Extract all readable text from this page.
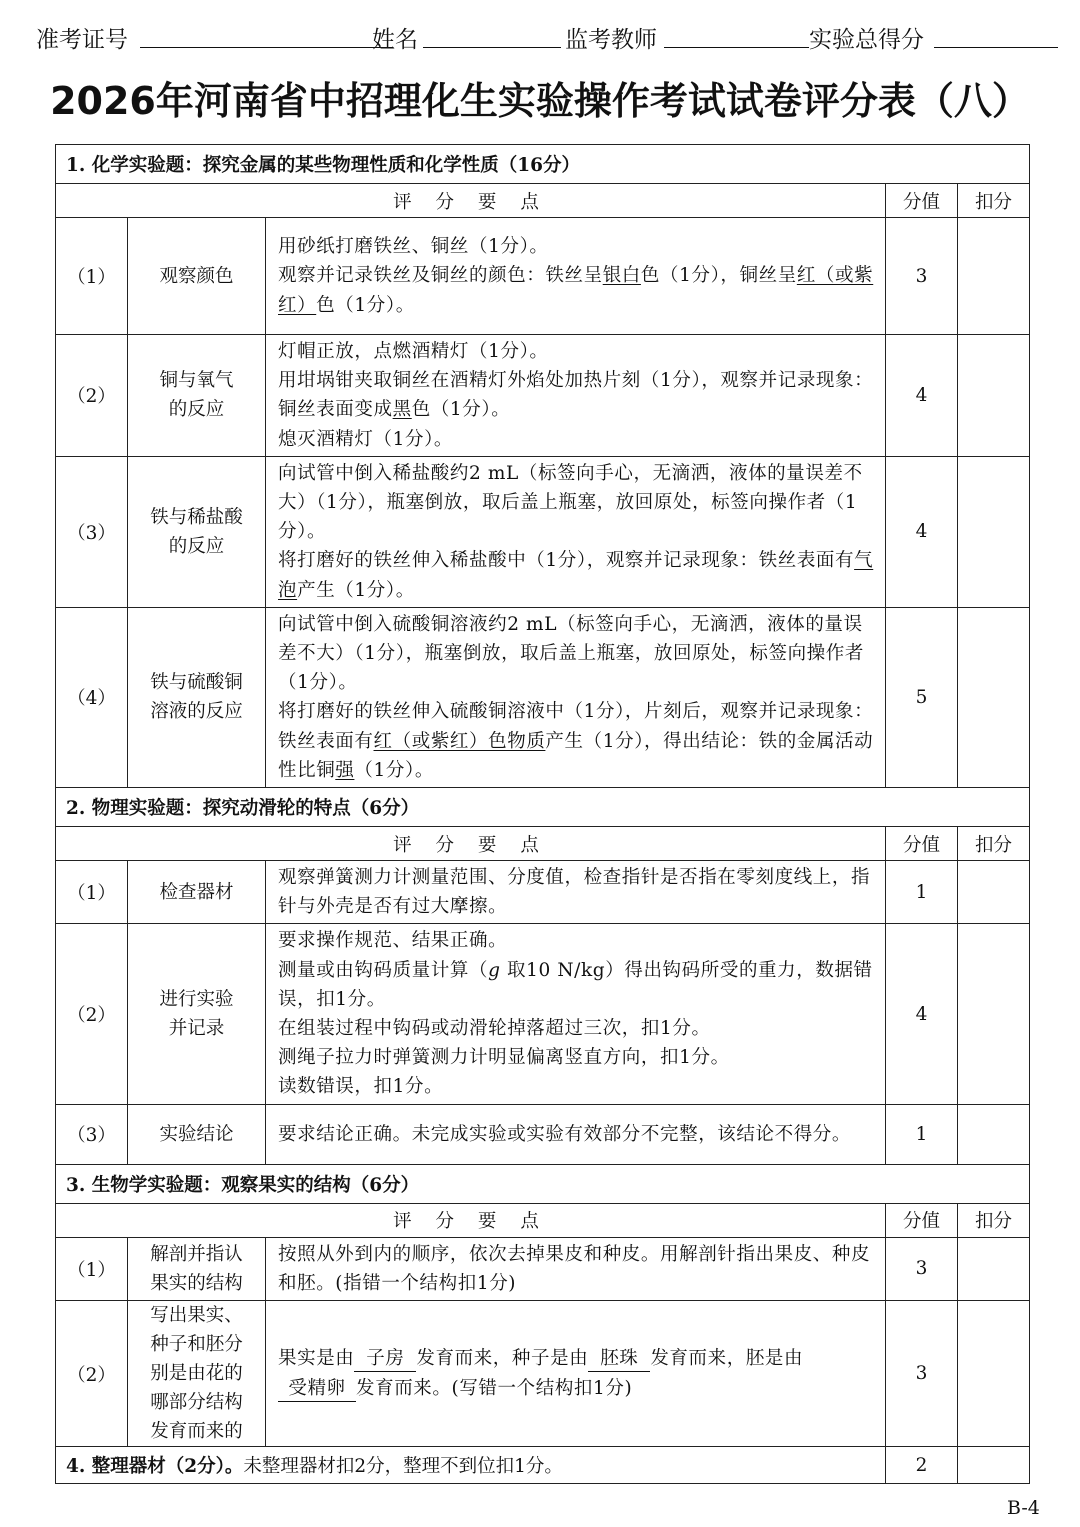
准考证号	姓名	监考教师	实验总得分
2026年河南省中招理化生实验操作考试试卷评分表（八）
1. 化学实验题：探究金属的某些物理性质和化学性质（16分）				
评 分 要 点			分值	扣分
（1）	观察颜色	用砂纸打磨铁丝、铜丝（1分）。
观察并记录铁丝及铜丝的颜色：铁丝呈银白色（1分），铜丝呈红（或紫红）色（1分）。	3	
（2）	铜与氧气
的反应	灯帽正放，点燃酒精灯（1分）。
用坩埚钳夹取铜丝在酒精灯外焰处加热片刻（1分），观察并记录现象：铜丝表面变成黑色（1分）。
熄灭酒精灯（1分）。	4	
（3）	铁与稀盐酸
的反应	向试管中倒入稀盐酸约2 mL（标签向手心，无滴洒，液体的量误差不大）（1分），瓶塞倒放，取后盖上瓶塞，放回原处，标签向操作者（1分）。
将打磨好的铁丝伸入稀盐酸中（1分），观察并记录现象：铁丝表面有气泡产生（1分）。	4	
（4）	铁与硫酸铜
溶液的反应	向试管中倒入硫酸铜溶液约2 mL（标签向手心，无滴洒，液体的量误差不大）（1分），瓶塞倒放，取后盖上瓶塞，放回原处，标签向操作者（1分）。
将打磨好的铁丝伸入硫酸铜溶液中（1分），片刻后，观察并记录现象：铁丝表面有红（或紫红）色物质产生（1分），得出结论：铁的金属活动性比铜强（1分）。	5	
2. 物理实验题：探究动滑轮的特点（6分）				
评 分 要 点			分值	扣分
（1）	检查器材	观察弹簧测力计测量范围、分度值，检查指针是否指在零刻度线上，指针与外壳是否有过大摩擦。	1	
（2）	进行实验
并记录	要求操作规范、结果正确。
测量或由钩码质量计算（g 取10 N/kg）得出钩码所受的重力，数据错误，扣1分。
在组装过程中钩码或动滑轮掉落超过三次，扣1分。
测绳子拉力时弹簧测力计明显偏离竖直方向，扣1分。
读数错误，扣1分。	4	
（3）	实验结论	要求结论正确。未完成实验或实验有效部分不完整，该结论不得分。	1	
3. 生物学实验题：观察果实的结构（6分）				
评 分 要 点			分值	扣分
（1）	解剖并指认
果实的结构	按照从外到内的顺序，依次去掉果皮和种皮。用解剖针指出果皮、种皮和胚。(指错一个结构扣1分)	3	
（2）	写出果实、
种子和胚分
别是由花的
哪部分结构
发育而来的	果实是由 子房 发育而来，种子是由 胚珠 发育而来，胚是由
受精卵 发育而来。(写错一个结构扣1分)	3	
4. 整理器材（2分）。未整理器材扣2分，整理不到位扣1分。			2	
B-4
